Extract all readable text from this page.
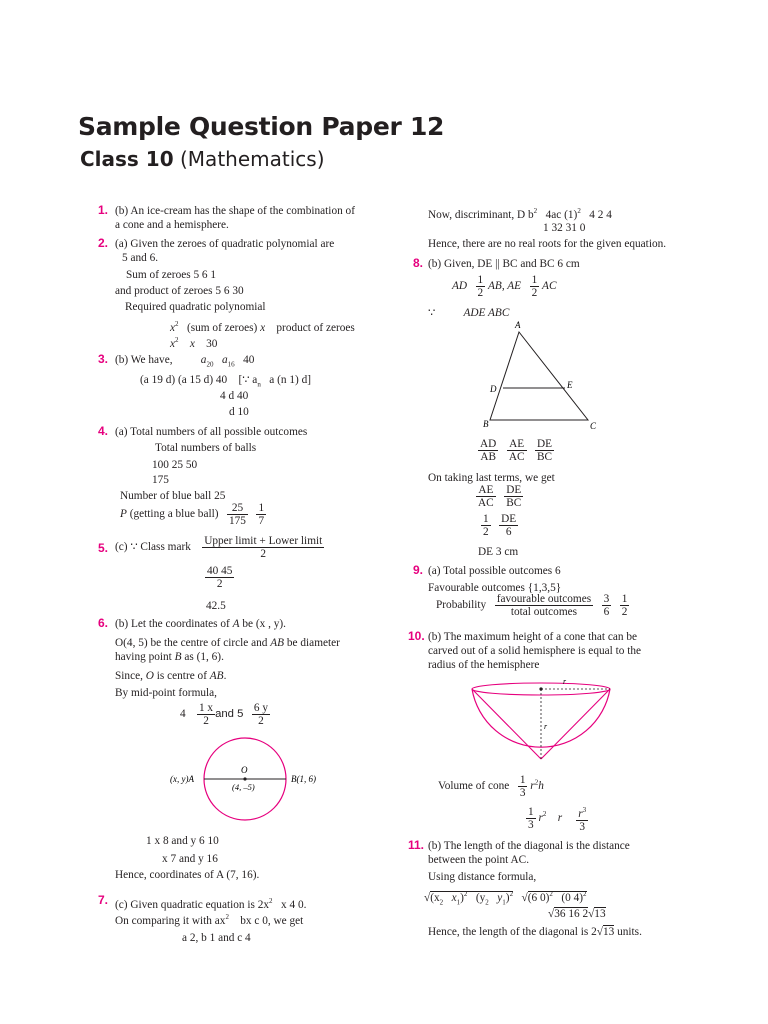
Sample Question Paper 12
Class 10 (Mathematics)
1. (b) An ice-cream has the shape of the combination of
a cone and a hemisphere.
2. (a) Given the zeroes of quadratic polynomial are
5 and 6.
Sum of zeroes 5 6 1
and product of zeroes 5 6 30
Required quadratic polynomial
$x^2$ (sum of zeroes) x product of zeroes
$x^2$ x 30
3. (b) We have,	$a_{20}$ $a_{16}$ 40
(a 19 d) (a 15 d) 40 [∵ $a_n$ a (n 1) d]
4 d 40
d 10
4. (a) Total numbers of all possible outcomes
Total numbers of balls
100 25 50
175
Number of blue ball 25
P (getting a blue ball) $\frac{25}{175}$
$\frac{1}{7}$
5. (c) ∵ Class mark $\frac{\text{Upper limit + Lower limit}}{2}$
$\frac{40 45}{2}$
42.5
6. (b) Let the coordinates of A be (x , y).
O(4, 5) be the centre of circle and AB be diameter
having point B as (1, 6).
Since, O is centre of AB.
By mid-point formula,
$4 \frac{1 x}{2}$ and $5 \frac{6 y}{2}$
(x, y)A
O
(4, –5)
B(1, 6)
1 x 8 and y 6 10
x 7 and y 16
Hence, coordinates of A (7, 16).
7. (c) Given quadratic equation is $2x^2$ x 4 0.
On comparing it with $ax^2$ bx c 0, we get
a 2, b 1 and c 4
Now, discriminant, D $b^2$ 4ac $(1)^2$ 4 2 4
1 32 31 0
Hence, there are no real roots for the given equation.
8. (b) Given, DE || BC and BC 6 cm
AD $\frac{1}{2}$ AB, AE $\frac{1}{2}$ AC
∵	ADE ABC
A
D	E
B	C
$\frac{AD}{AB}$
$\frac{AE}{AC}$
$\frac{DE}{BC}$
On taking last terms, we get
$\frac{AE}{AC}$
$\frac{DE}{BC}$
$\frac{1}{2}$
$\frac{DE}{6}$
DE 3 cm
9. (a) Total possible outcomes 6
Favourable outcomes {1,3,5}
Probability $\frac{\text{favourable outcomes}}{\text{total outcomes}}$
$\frac{3}{6}$
$\frac{1}{2}$
10. (b) The maximum height of a cone that can be
carved out of a solid hemisphere is equal to the
radius of the hemisphere
r
r
Volume of cone $\frac{1}{3} r^2h$
$\frac{1}{3} r^2$ r $\frac{r^3}{3}$
11. (b) The length of the diagonal is the distance
between the point AC.
Using distance formula,
$√(x_2$ $x_1)^2$ ($y_2$ $y_1)^2$   √(6 0)$^2$ (0 4)$^2$
√36 16 2√13
Hence, the length of the diagonal is 2√13 units.
